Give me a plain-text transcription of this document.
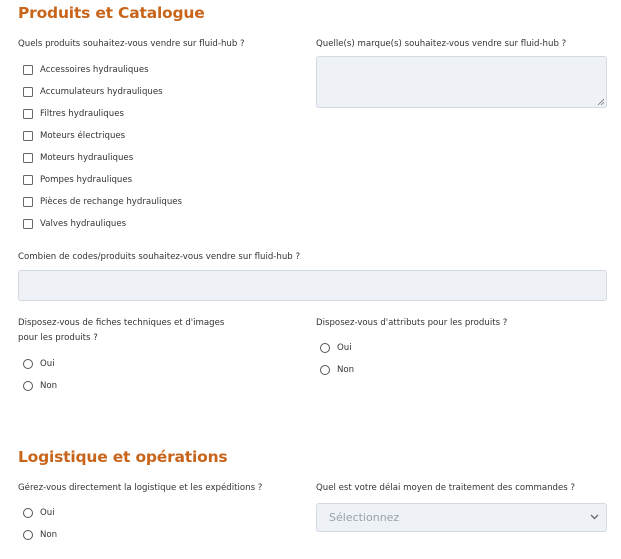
Produits et Catalogue
Quels produits souhaitez-vous vendre sur fluid-hub ?
Accessoires hydrauliques
Accumulateurs hydrauliques
Filtres hydrauliques
Moteurs électriques
Moteurs hydrauliques
Pompes hydrauliques
Pièces de rechange hydrauliques
Valves hydrauliques
Quelle(s) marque(s) souhaitez-vous vendre sur fluid-hub ?
Combien de codes/produits souhaitez-vous vendre sur fluid-hub ?
Disposez-vous de fiches techniques et d'images
pour les produits ?
Oui
Non
Disposez-vous d'attributs pour les produits ?
Oui
Non
Logistique et opérations
Gérez-vous directement la logistique et les expéditions ?
Oui
Non
Quel est votre délai moyen de traitement des commandes ?
Sélectionnez
